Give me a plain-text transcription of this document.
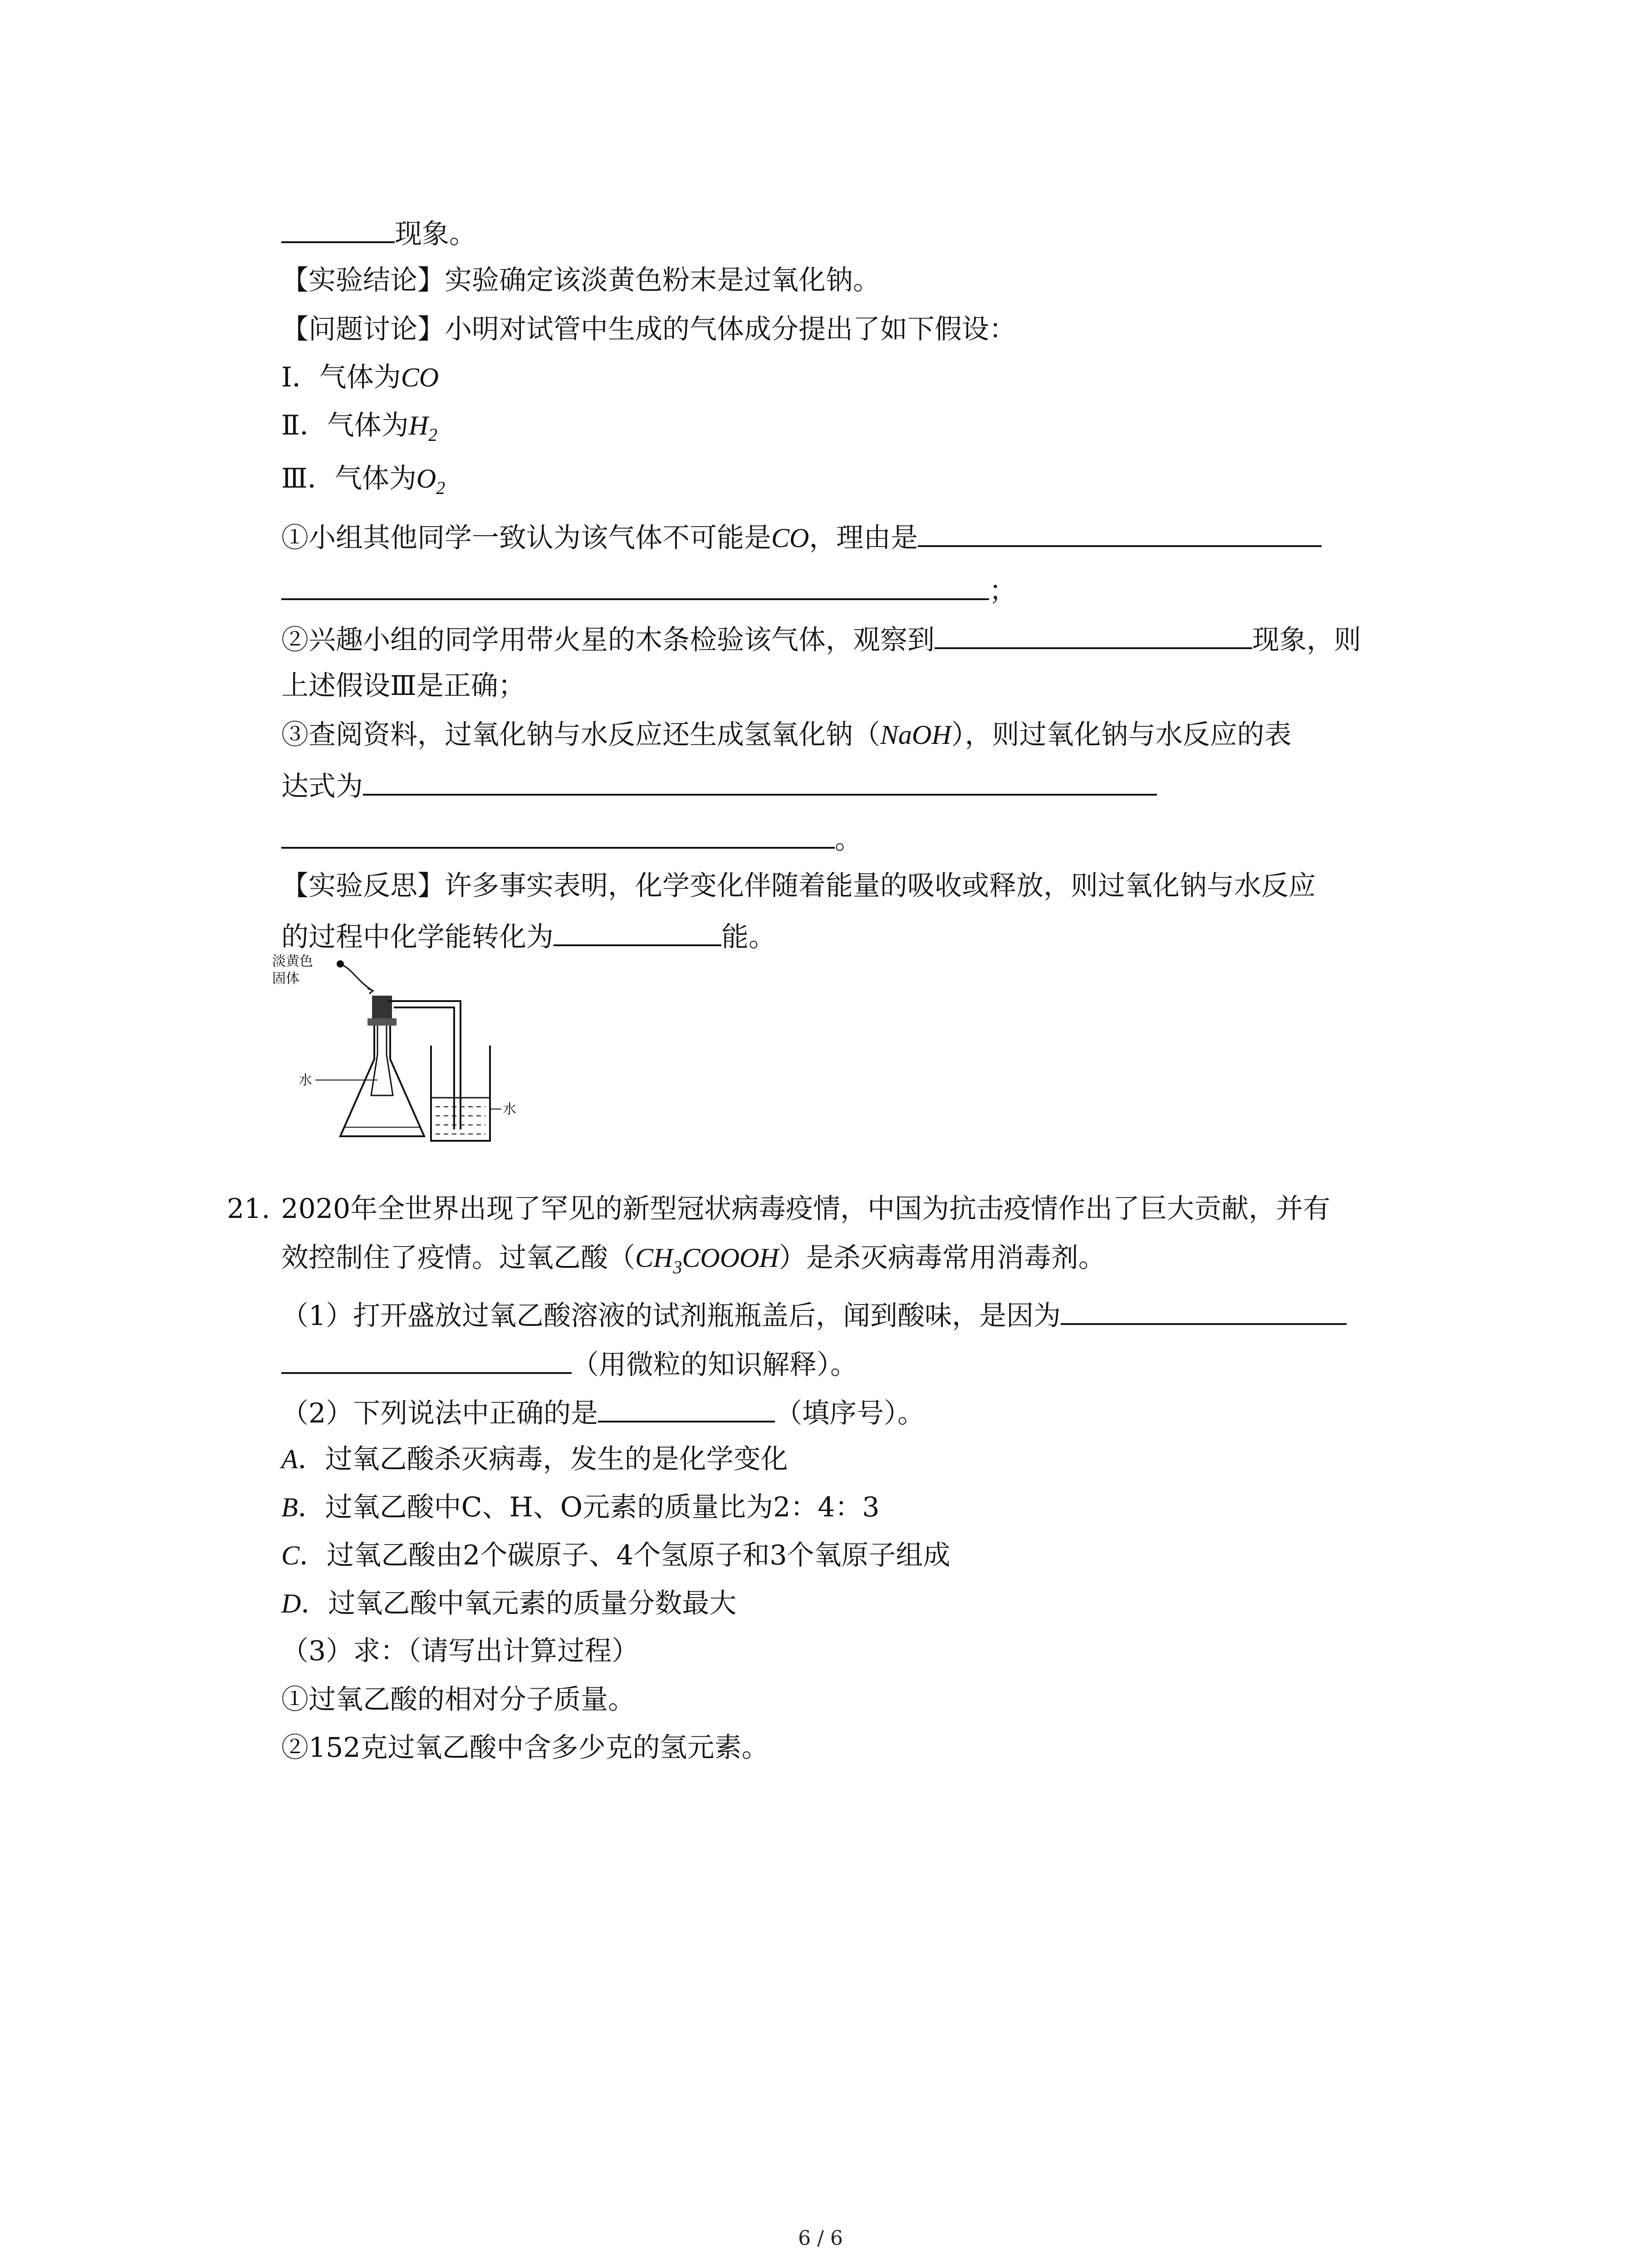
现象。
【实验结论】实验确定该淡黄色粉末是过氧化钠。
【问题讨论】小明对试管中生成的气体成分提出了如下假设：
Ⅰ．气体为CO
Ⅱ．气体为$H_2$
Ⅲ．气体为$O_2$
①小组其他同学一致认为该气体不可能是CO，理由是
；
②兴趣小组的同学用带火星的木条检验该气体，观察到	现象，则
上述假设Ⅲ是正确；
③查阅资料，过氧化钠与水反应还生成氢氧化钠（NaOH），则过氧化钠与水反应的表
达式为
。
【实验反思】许多事实表明，化学变化伴随着能量的吸收或释放，则过氧化钠与水反应
的过程中化学能转化为	能。
淡黄色
固体
水
水
21. 2020年全世界出现了罕见的新型冠状病毒疫情，中国为抗击疫情作出了巨大贡献，并有
效控制住了疫情。过氧乙酸$(CH_3COOOH)$是杀灭病毒常用消毒剂。
（1）打开盛放过氧乙酸溶液的试剂瓶瓶盖后，闻到酸味，是因为
（用微粒的知识解释）。
（2）下列说法中正确的是	（填序号）。
A．过氧乙酸杀灭病毒，发生的是化学变化
B．过氧乙酸中C、H、O元素的质量比为2：4：3
C．过氧乙酸由2个碳原子、4个氢原子和3个氧原子组成
D．过氧乙酸中氧元素的质量分数最大
（3）求：（请写出计算过程）
①过氧乙酸的相对分子质量。
②152克过氧乙酸中含多少克的氢元素。
6 / 6
